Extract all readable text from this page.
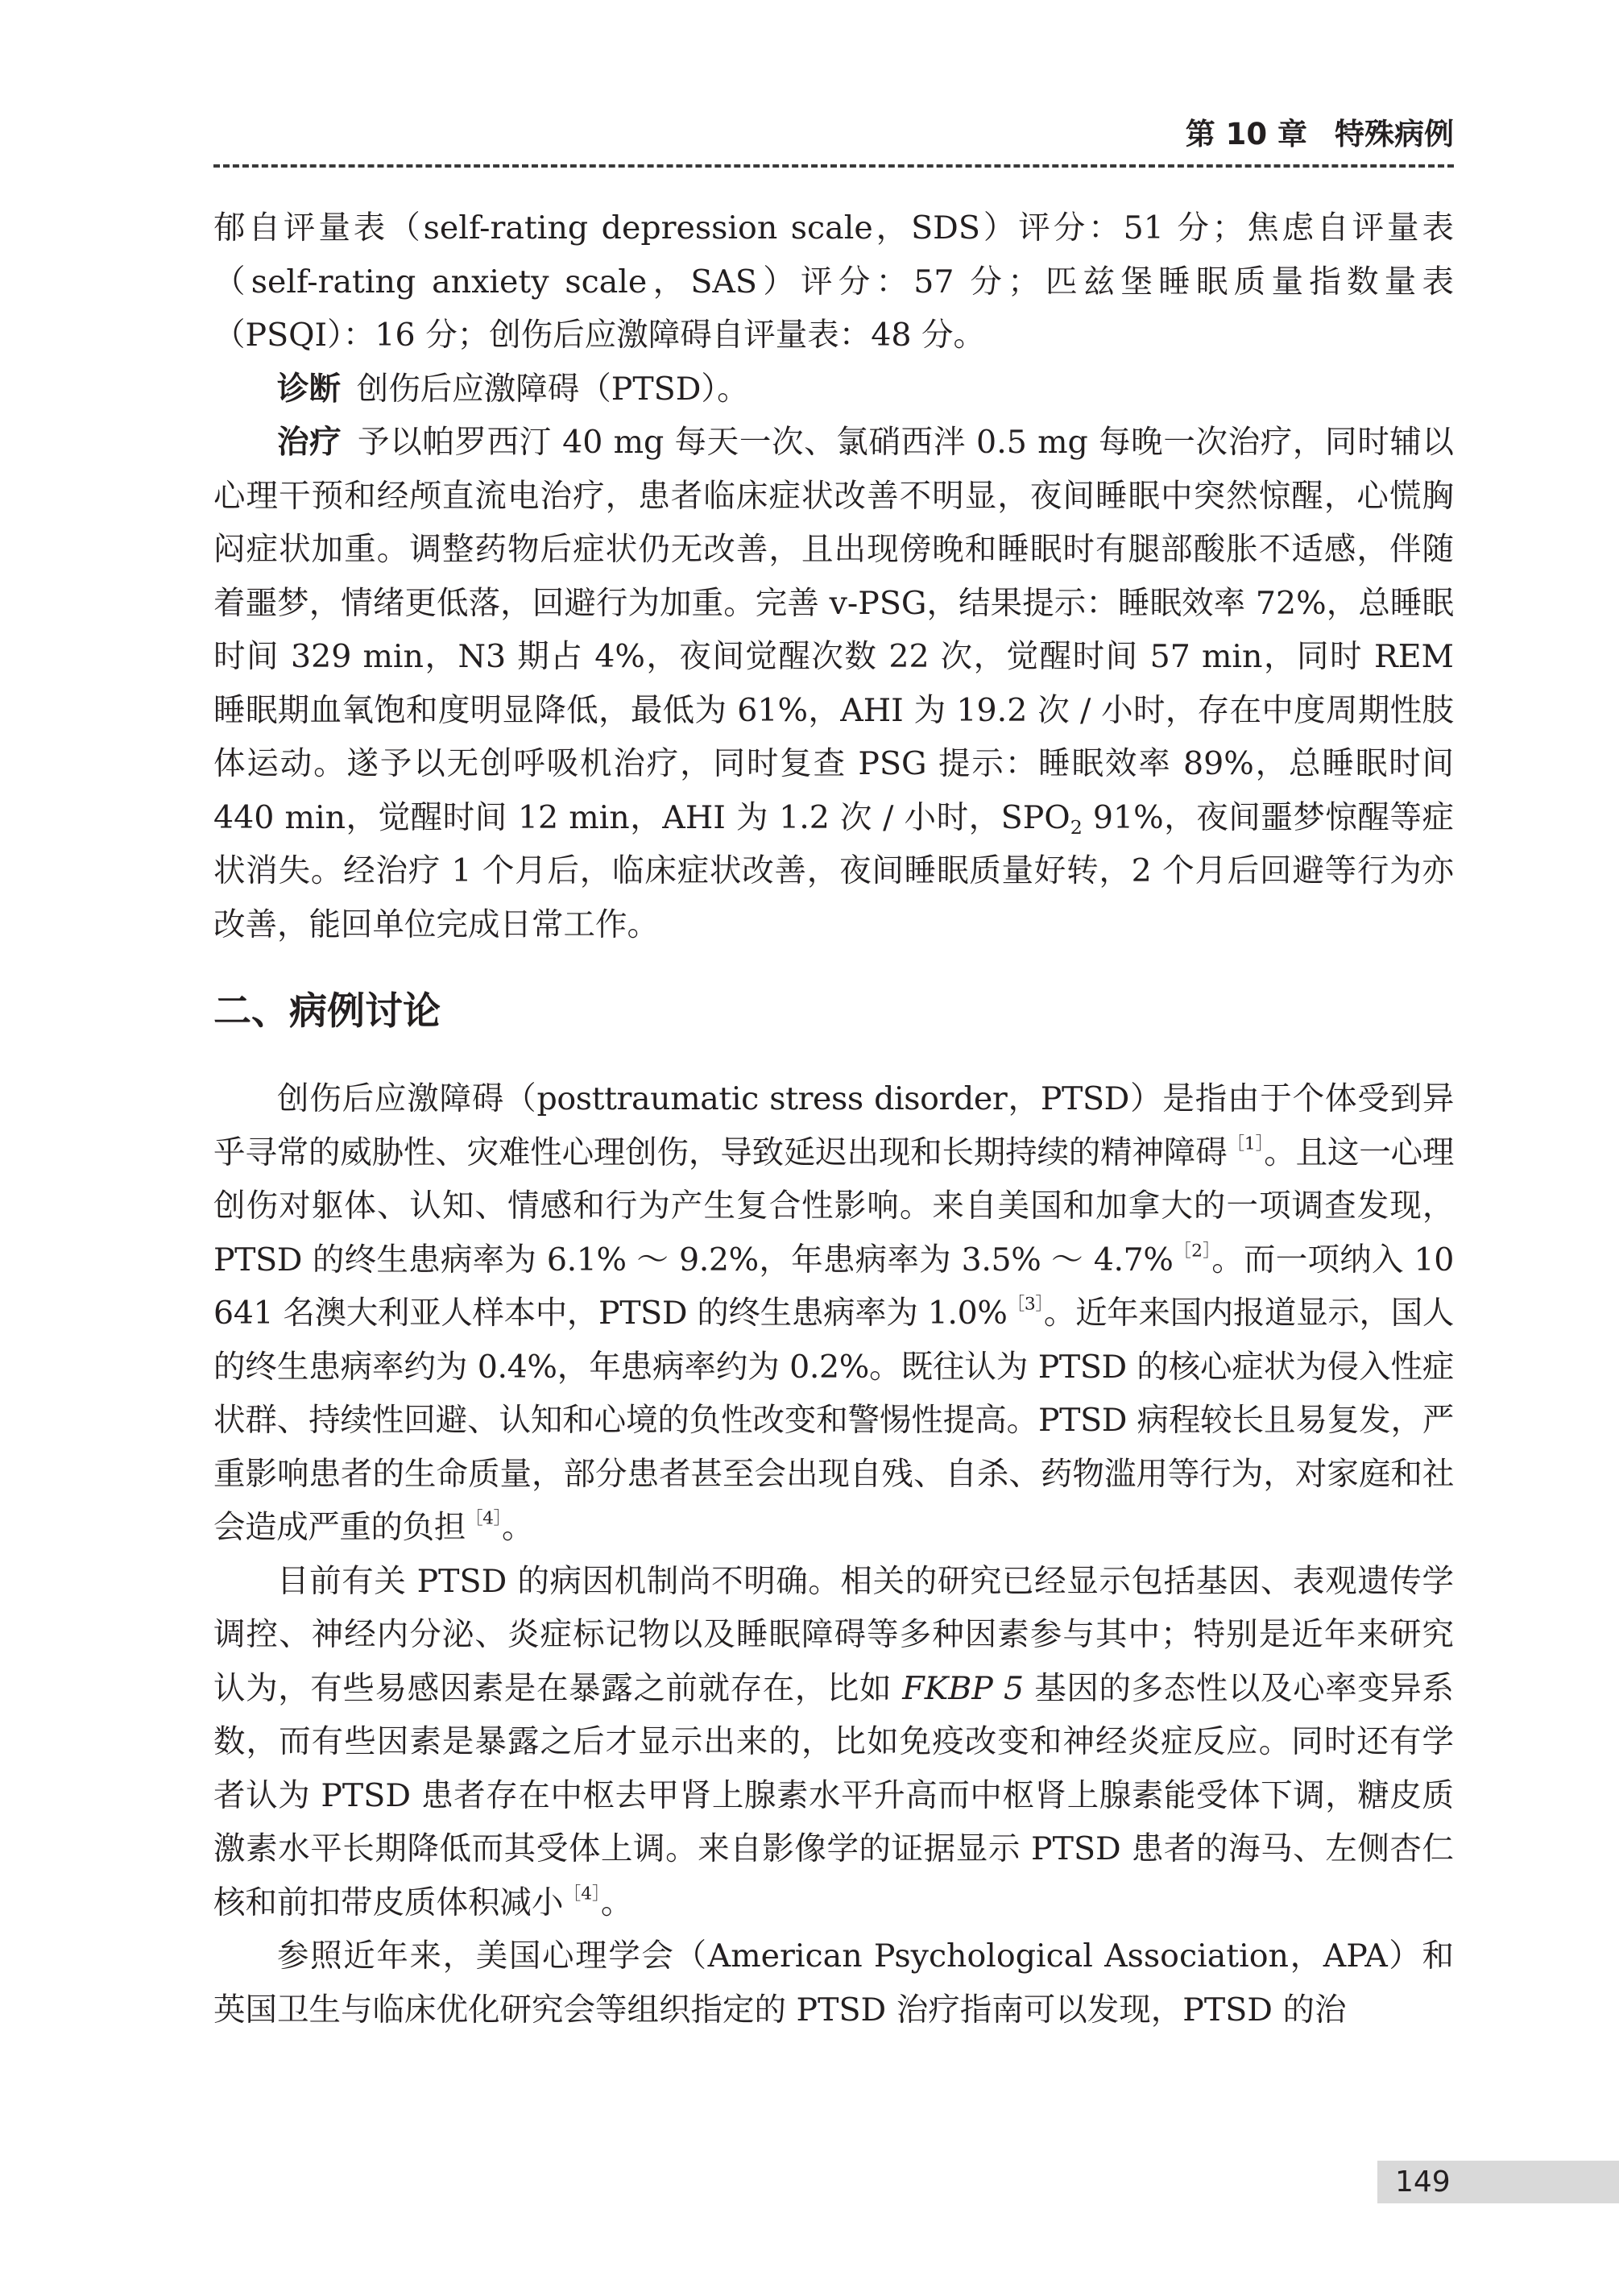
第 10 章 特殊病例

郁自评量表（self-rating depression scale，SDS）评分：51 分；焦虑自评量表（self-rating anxiety scale，SAS）评分：57 分；匹兹堡睡眠质量指数量表（PSQI）：16 分；创伤后应激障碍自评量表：48 分。

诊断 创伤后应激障碍（PTSD）。

治疗 予以帕罗西汀 40 mg 每天一次、氯硝西泮 0.5 mg 每晚一次治疗，同时辅以心理干预和经颅直流电治疗，患者临床症状改善不明显，夜间睡眠中突然惊醒，心慌胸闷症状加重。调整药物后症状仍无改善，且出现傍晚和睡眠时有腿部酸胀不适感，伴随着噩梦，情绪更低落，回避行为加重。完善 v-PSG，结果提示：睡眠效率 72%，总睡眠时间 329 min，N3 期占 4%，夜间觉醒次数 22 次，觉醒时间 57 min，同时 REM 睡眠期血氧饱和度明显降低，最低为 61%，AHI 为 19.2 次 / 小时，存在中度周期性肢体运动。遂予以无创呼吸机治疗，同时复查 PSG 提示：睡眠效率 89%，总睡眠时间 440 min，觉醒时间 12 min，AHI 为 1.2 次 / 小时，$SPO_2$ 91%，夜间噩梦惊醒等症状消失。经治疗 1 个月后，临床症状改善，夜间睡眠质量好转，2 个月后回避等行为亦改善，能回单位完成日常工作。

二、病例讨论

创伤后应激障碍（posttraumatic stress disorder，PTSD）是指由于个体受到异乎寻常的威胁性、灾难性心理创伤，导致延迟出现和长期持续的精神障碍$^{[1]}$。且这一心理创伤对躯体、认知、情感和行为产生复合性影响。来自美国和加拿大的一项调查发现，PTSD 的终生患病率为 6.1% ～ 9.2%，年患病率为 3.5% ～ 4.7%$^{[2]}$。而一项纳入 10 641 名澳大利亚人样本中，PTSD 的终生患病率为 1.0%$^{[3]}$。近年来国内报道显示，国人的终生患病率约为 0.4%，年患病率约为 0.2%。既往认为 PTSD 的核心症状为侵入性症状群、持续性回避、认知和心境的负性改变和警惕性提高。PTSD 病程较长且易复发，严重影响患者的生命质量，部分患者甚至会出现自残、自杀、药物滥用等行为，对家庭和社会造成严重的负担$^{[4]}$。

目前有关 PTSD 的病因机制尚不明确。相关的研究已经显示包括基因、表观遗传学调控、神经内分泌、炎症标记物以及睡眠障碍等多种因素参与其中；特别是近年来研究认为，有些易感因素是在暴露之前就存在，比如 FKBP 5 基因的多态性以及心率变异系数，而有些因素是暴露之后才显示出来的，比如免疫改变和神经炎症反应。同时还有学者认为 PTSD 患者存在中枢去甲肾上腺素水平升高而中枢肾上腺素能受体下调，糖皮质激素水平长期降低而其受体上调。来自影像学的证据显示 PTSD 患者的海马、左侧杏仁核和前扣带皮质体积减小$^{[4]}$。

参照近年来，美国心理学会（American Psychological Association，APA）和英国卫生与临床优化研究会等组织指定的 PTSD 治疗指南可以发现，PTSD 的治

149
